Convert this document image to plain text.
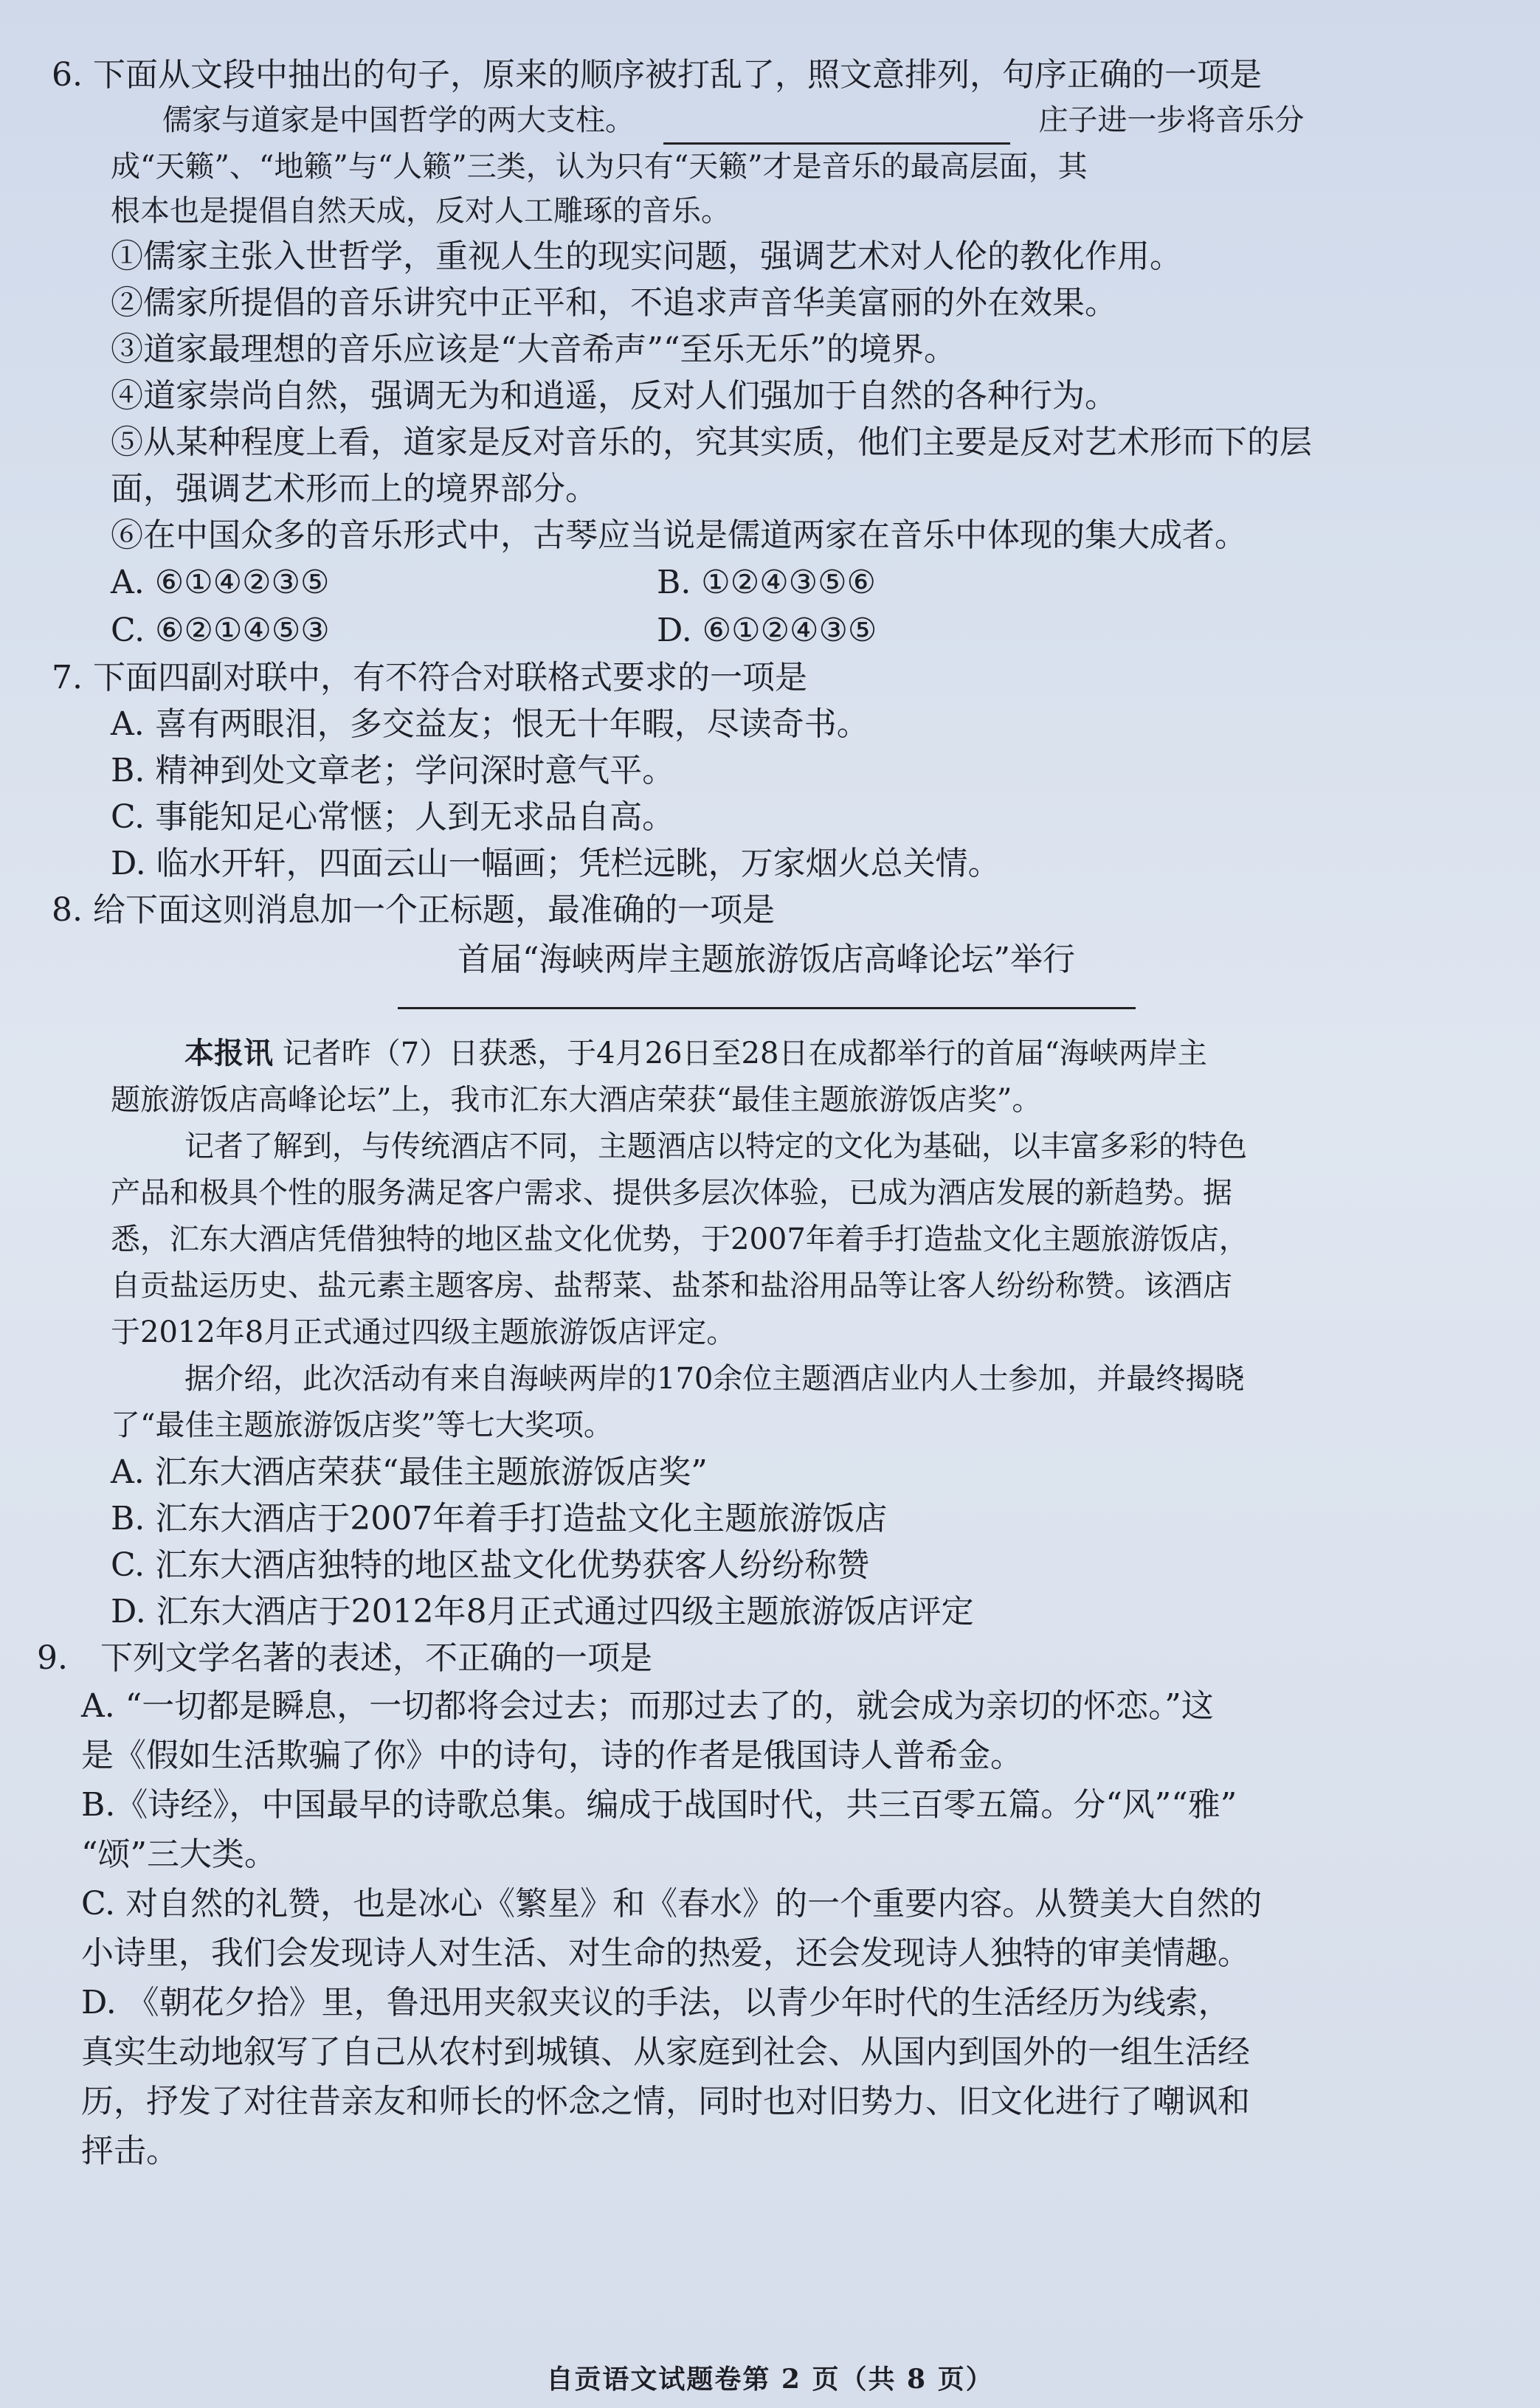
6. 下面从文段中抽出的句子，原来的顺序被打乱了，照文意排列，句序正确的一项是
儒家与道家是中国哲学的两大支柱。	庄子进一步将音乐分
成“天籁”、“地籁”与“人籁”三类，认为只有“天籁”才是音乐的最高层面，其
根本也是提倡自然天成，反对人工雕琢的音乐。
①儒家主张入世哲学，重视人生的现实问题，强调艺术对人伦的教化作用。
②儒家所提倡的音乐讲究中正平和，不追求声音华美富丽的外在效果。
③道家最理想的音乐应该是“大音希声”“至乐无乐”的境界。
④道家崇尚自然，强调无为和逍遥，反对人们强加于自然的各种行为。
⑤从某种程度上看，道家是反对音乐的，究其实质，他们主要是反对艺术形而下的层
面，强调艺术形而上的境界部分。
⑥在中国众多的音乐形式中，古琴应当说是儒道两家在音乐中体现的集大成者。
A. ⑥①④②③⑤	B. ①②④③⑤⑥
C. ⑥②①④⑤③	D. ⑥①②④③⑤
7. 下面四副对联中，有不符合对联格式要求的一项是
A. 喜有两眼泪，多交益友；恨无十年暇，尽读奇书。
B. 精神到处文章老；学问深时意气平。
C. 事能知足心常惬；人到无求品自高。
D. 临水开轩，四面云山一幅画；凭栏远眺，万家烟火总关情。
8. 给下面这则消息加一个正标题，最准确的一项是
首届“海峡两岸主题旅游饭店高峰论坛”举行

本报讯 记者昨（7）日获悉，于4月26日至28日在成都举行的首届“海峡两岸主
题旅游饭店高峰论坛”上，我市汇东大酒店荣获“最佳主题旅游饭店奖”。
记者了解到，与传统酒店不同，主题酒店以特定的文化为基础，以丰富多彩的特色
产品和极具个性的服务满足客户需求、提供多层次体验，已成为酒店发展的新趋势。据
悉，汇东大酒店凭借独特的地区盐文化优势，于2007年着手打造盐文化主题旅游饭店，
自贡盐运历史、盐元素主题客房、盐帮菜、盐茶和盐浴用品等让客人纷纷称赞。该酒店
于2012年8月正式通过四级主题旅游饭店评定。
据介绍，此次活动有来自海峡两岸的170余位主题酒店业内人士参加，并最终揭晓
了“最佳主题旅游饭店奖”等七大奖项。
A. 汇东大酒店荣获“最佳主题旅游饭店奖”
B. 汇东大酒店于2007年着手打造盐文化主题旅游饭店
C. 汇东大酒店独特的地区盐文化优势获客人纷纷称赞
D. 汇东大酒店于2012年8月正式通过四级主题旅游饭店评定
9.　下列文学名著的表述，不正确的一项是
A. “一切都是瞬息，一切都将会过去；而那过去了的，就会成为亲切的怀恋。”这
是《假如生活欺骗了你》中的诗句，诗的作者是俄国诗人普希金。
B.《诗经》，中国最早的诗歌总集。编成于战国时代，共三百零五篇。分“风”“雅”
“颂”三大类。
C. 对自然的礼赞，也是冰心《繁星》和《春水》的一个重要内容。从赞美大自然的
小诗里，我们会发现诗人对生活、对生命的热爱，还会发现诗人独特的审美情趣。
D. 《朝花夕拾》里，鲁迅用夹叙夹议的手法，以青少年时代的生活经历为线索，
真实生动地叙写了自己从农村到城镇、从家庭到社会、从国内到国外的一组生活经
历，抒发了对往昔亲友和师长的怀念之情，同时也对旧势力、旧文化进行了嘲讽和
抨击。
自贡语文试题卷第 2 页（共 8 页）
